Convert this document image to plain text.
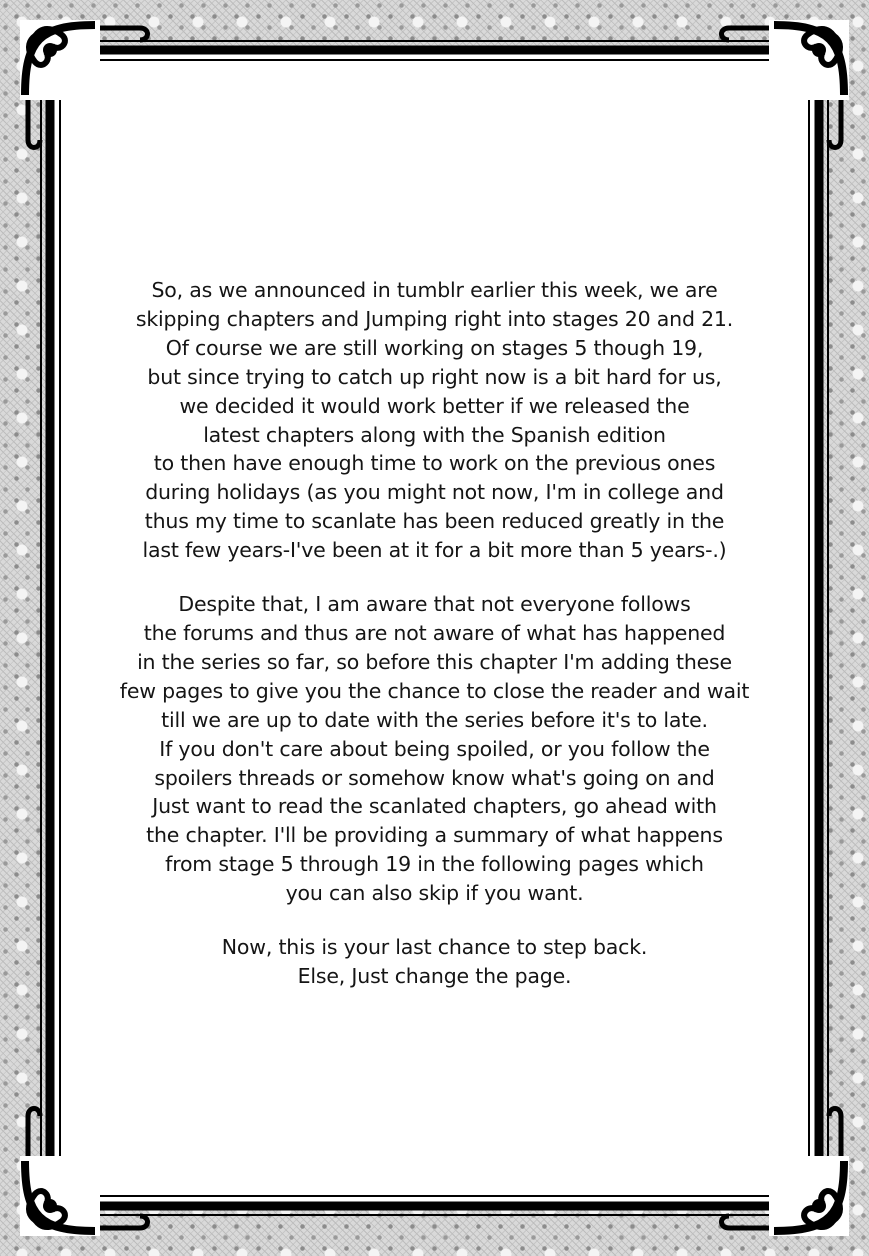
So, as we announced in tumblr earlier this week, we are
skipping chapters and Jumping right into stages 20 and 21.
Of course we are still working on stages 5 though 19,
but since trying to catch up right now is a bit hard for us,
we decided it would work better if we released the
latest chapters along with the Spanish edition
to then have enough time to work on the previous ones
during holidays (as you might not now, I'm in college and
thus my time to scanlate has been reduced greatly in the
last few years-I've been at it for a bit more than 5 years-.)
Despite that, I am aware that not everyone follows
the forums and thus are not aware of what has happened
in the series so far, so before this chapter I'm adding these
few pages to give you the chance to close the reader and wait
till we are up to date with the series before it's to late.
If you don't care about being spoiled, or you follow the
spoilers threads or somehow know what's going on and
Just want to read the scanlated chapters, go ahead with
the chapter. I'll be providing a summary of what happens
from stage 5 through 19 in the following pages which
you can also skip if you want.
Now, this is your last chance to step back.
Else, Just change the page.
